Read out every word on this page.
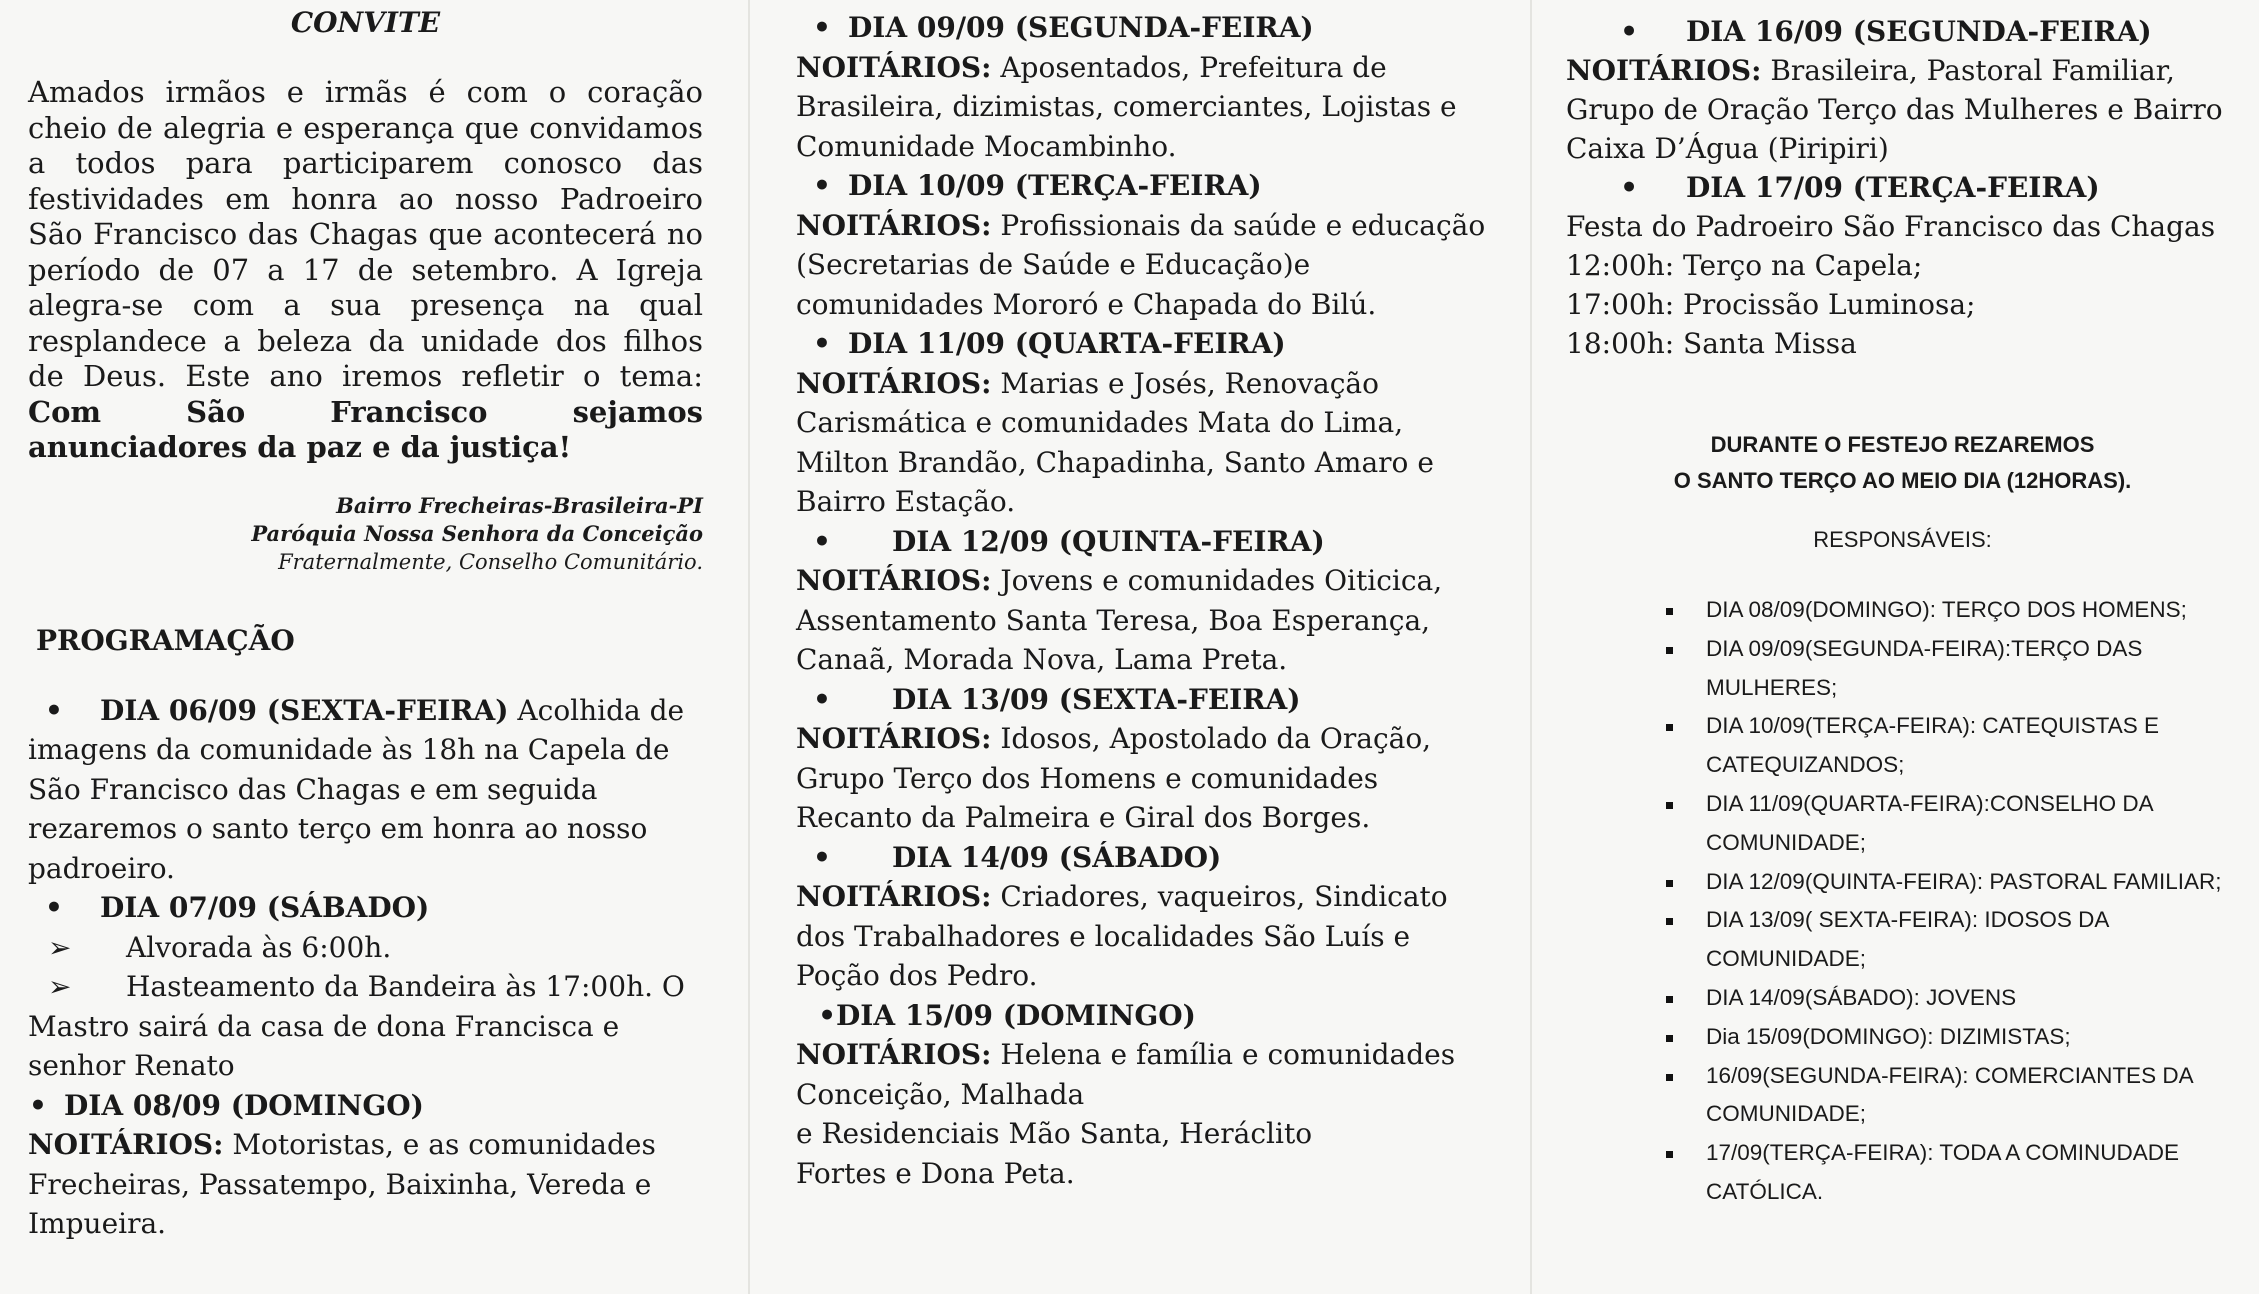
CONVITE

Amados irmãos e irmãs é com o coração cheio de alegria e esperança que convidamos a todos para participarem conosco das festividades em honra ao nosso Padroeiro São Francisco das Chagas que acontecerá no período de 07 a 17 de setembro. A Igreja alegra-se com a sua presença na qual resplandece a beleza da unidade dos filhos de Deus. Este ano iremos refletir o tema: Com São Francisco sejamos anunciadores da paz e da justiça!

Bairro Frecheiras-Brasileira-PI
Paróquia Nossa Senhora da Conceição
Fraternalmente, Conselho Comunitário.
PROGRAMAÇÃO
• DIA 06/09 (SEXTA-FEIRA) Acolhida de imagens da comunidade às 18h na Capela de São Francisco das Chagas e em seguida rezaremos o santo terço em honra ao nosso padroeiro.
• DIA 07/09 (SÁBADO)
➢ Alvorada às 6:00h.
➢ Hasteamento da Bandeira às 17:00h. O Mastro sairá da casa de dona Francisca e senhor Renato
• DIA 08/09 (DOMINGO)
NOITÁRIOS: Motoristas, e as comunidades Frecheiras, Passatempo, Baixinha, Vereda e Impueira.
• DIA 09/09 (SEGUNDA-FEIRA)
NOITÁRIOS: Aposentados, Prefeitura de Brasileira, dizimistas, comerciantes, Lojistas e Comunidade Mocambinho.
• DIA 10/09 (TERÇA-FEIRA)
NOITÁRIOS: Profissionais da saúde e educação (Secretarias de Saúde e Educação)e comunidades Mororó e Chapada do Bilú.
• DIA 11/09 (QUARTA-FEIRA)
NOITÁRIOS: Marias e Josés, Renovação Carismática e comunidades Mata do Lima, Milton Brandão, Chapadinha, Santo Amaro e Bairro Estação.
• DIA 12/09 (QUINTA-FEIRA)
NOITÁRIOS: Jovens e comunidades Oiticica, Assentamento Santa Teresa, Boa Esperança, Canaã, Morada Nova, Lama Preta.
• DIA 13/09 (SEXTA-FEIRA)
NOITÁRIOS: Idosos, Apostolado da Oração, Grupo Terço dos Homens e comunidades Recanto da Palmeira e Giral dos Borges.
• DIA 14/09 (SÁBADO)
NOITÁRIOS: Criadores, vaqueiros, Sindicato dos Trabalhadores e localidades São Luís e Poção dos Pedro.
•DIA 15/09 (DOMINGO)
NOITÁRIOS: Helena e família e comunidades Conceição, Malhada
e Residenciais Mão Santa, Heráclito Fortes e Dona Peta.
• DIA 16/09 (SEGUNDA-FEIRA)
NOITÁRIOS: Brasileira, Pastoral Familiar, Grupo de Oração Terço das Mulheres e Bairro Caixa D’Água (Piripiri)
• DIA 17/09 (TERÇA-FEIRA)
Festa do Padroeiro São Francisco das Chagas
12:00h: Terço na Capela;
17:00h: Procissão Luminosa;
18:00h: Santa Missa
DURANTE O FESTEJO REZAREMOS
O SANTO TERÇO AO MEIO DIA (12HORAS).
RESPONSÁVEIS:
DIA 08/09(DOMINGO): TERÇO DOS HOMENS;
DIA 09/09(SEGUNDA-FEIRA):TERÇO DAS MULHERES;
DIA 10/09(TERÇA-FEIRA): CATEQUISTAS E CATEQUIZANDOS;
DIA 11/09(QUARTA-FEIRA):CONSELHO DA COMUNIDADE;
DIA 12/09(QUINTA-FEIRA): PASTORAL FAMILIAR;
DIA 13/09( SEXTA-FEIRA): IDOSOS DA COMUNIDADE;
DIA 14/09(SÁBADO): JOVENS
Dia 15/09(DOMINGO): DIZIMISTAS;
16/09(SEGUNDA-FEIRA): COMERCIANTES DA COMUNIDADE;
17/09(TERÇA-FEIRA): TODA A COMINUDADE CATÓLICA.
